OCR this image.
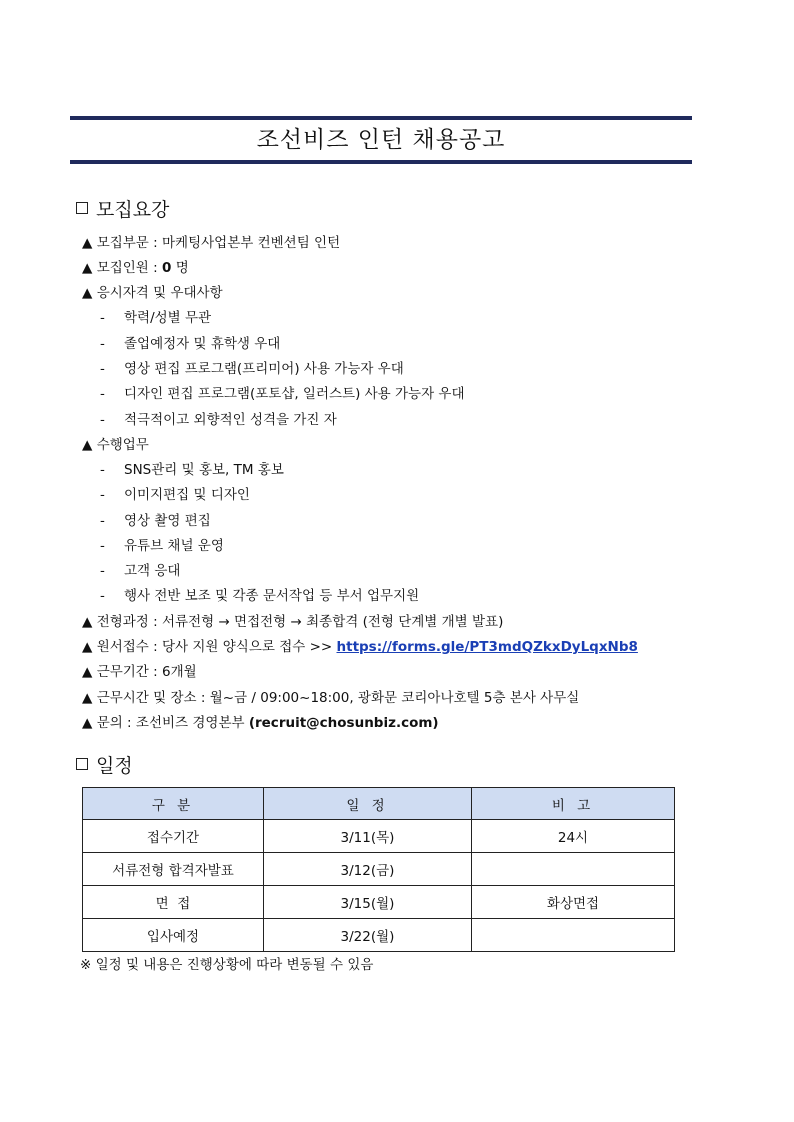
조선비즈 인턴 채용공고
모집요강
▲ 모집부문 : 마케팅사업본부 컨벤션팀 인턴
▲ 모집인원 : 0 명
▲ 응시자격 및 우대사항
- 학력/성별 무관
- 졸업예정자 및 휴학생 우대
- 영상 편집 프로그램(프리미어) 사용 가능자 우대
- 디자인 편집 프로그램(포토샵, 일러스트) 사용 가능자 우대
- 적극적이고 외향적인 성격을 가진 자
▲ 수행업무
- SNS관리 및 홍보, TM 홍보
- 이미지편집 및 디자인
- 영상 촬영 편집
- 유튜브 채널 운영
- 고객 응대
- 행사 전반 보조 및 각종 문서작업 등 부서 업무지원
▲ 전형과정 : 서류전형 → 면접전형 → 최종합격 (전형 단계별 개별 발표)
▲ 원서접수 : 당사 지원 양식으로 접수 >> https://forms.gle/PT3mdQZkxDyLqxNb8
▲ 근무기간 : 6개월
▲ 근무시간 및 장소 : 월~금 / 09:00~18:00, 광화문 코리아나호텔 5층 본사 사무실
▲ 문의 : 조선비즈 경영본부 (recruit@chosunbiz.com)
일정
구 분	일 정	비 고
접수기간	3/11(목)	24시
서류전형 합격자발표	3/12(금)	
면  접	3/15(월)	화상면접
입사예정	3/22(월)	
※ 일정 및 내용은 진행상황에 따라 변동될 수 있음
